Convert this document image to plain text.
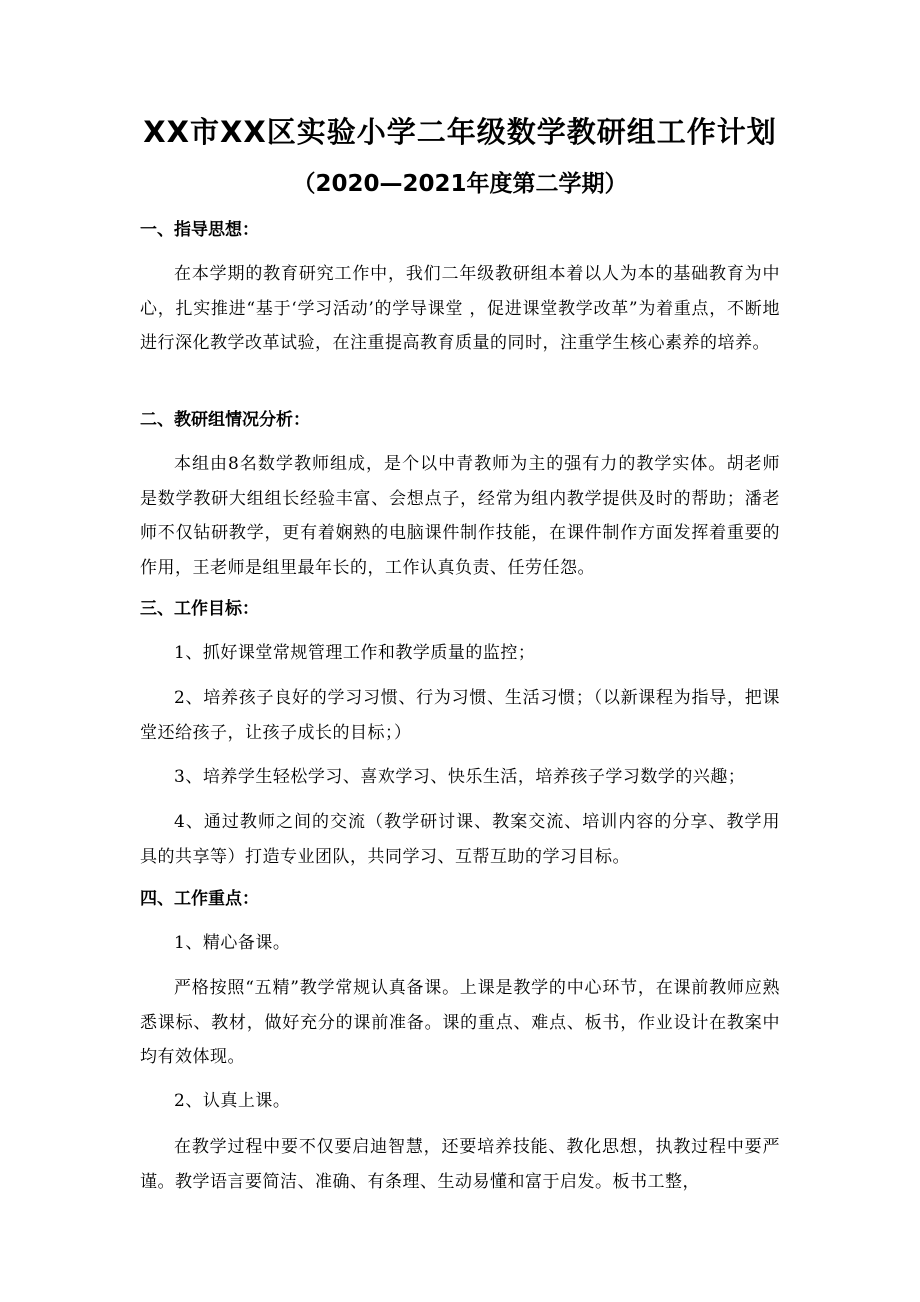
XX市XX区实验小学二年级数学教研组工作计划
（2020—2021年度第二学期）
一、指导思想：
在本学期的教育研究工作中，我们二年级教研组本着以人为本的基础教育为中心，扎实推进“基于‘学习活动’的学导课堂 ，促进课堂教学改革”为着重点，不断地进行深化教学改革试验，在注重提高教育质量的同时，注重学生核心素养的培养。
二、教研组情况分析：
本组由8名数学教师组成，是个以中青教师为主的强有力的教学实体。胡老师是数学教研大组组长经验丰富、会想点子，经常为组内教学提供及时的帮助；潘老师不仅钻研教学，更有着娴熟的电脑课件制作技能，在课件制作方面发挥着重要的作用，王老师是组里最年长的，工作认真负责、任劳任怨。
三、工作目标：
1、抓好课堂常规管理工作和教学质量的监控；
2、培养孩子良好的学习习惯、行为习惯、生活习惯；（以新课程为指导，把课堂还给孩子，让孩子成长的目标；）
3、培养学生轻松学习、喜欢学习、快乐生活，培养孩子学习数学的兴趣；
4、通过教师之间的交流（教学研讨课、教案交流、培训内容的分享、教学用具的共享等）打造专业团队，共同学习、互帮互助的学习目标。
四、工作重点：
1、精心备课。
严格按照“五精”教学常规认真备课。上课是教学的中心环节，在课前教师应熟悉课标、教材，做好充分的课前准备。课的重点、难点、板书，作业设计在教案中均有效体现。
2、认真上课。
在教学过程中要不仅要启迪智慧，还要培养技能、教化思想，执教过程中要严谨。教学语言要简洁、准确、有条理、生动易懂和富于启发。板书工整，
